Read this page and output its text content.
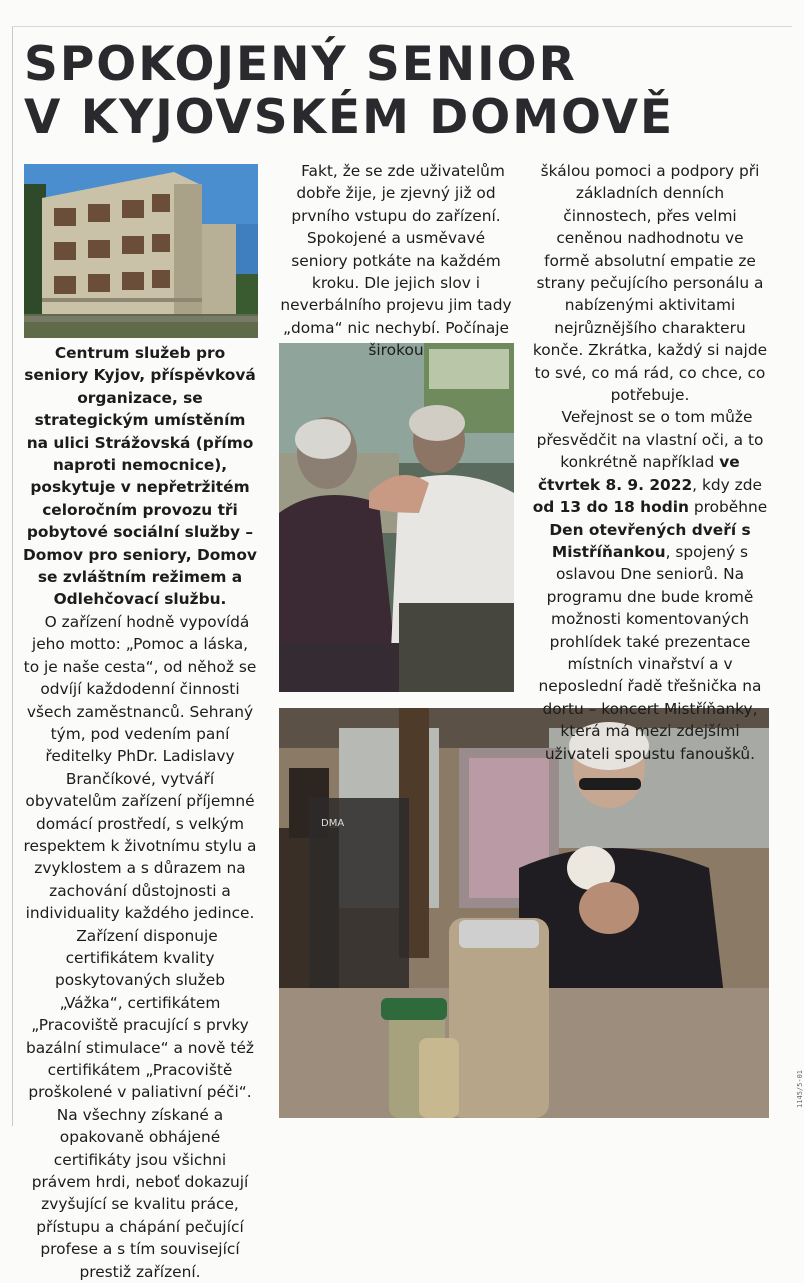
SPOKOJENÝ SENIOR
V KYJOVSKÉM DOMOVĚ
DMA

Centrum služeb pro seniory Kyjov, příspěvková organizace, se strategickým umístěním na ulici Strážovská (přímo naproti nemocnice), poskytuje v nepřetržitém celoročním provozu tři pobytové sociální služby – Domov pro seniory, Domov se zvláštním režimem a Odlehčovací službu.

O zařízení hodně vypovídá jeho motto: „Pomoc a láska, to je naše cesta“, od něhož se odvíjí každodenní činnosti všech zaměstnanců. Sehraný tým, pod vedením paní ředitelky PhDr. Ladislavy Brančíkové, vytváří obyvatelům zařízení příjemné domácí prostředí, s velkým respektem k životnímu stylu a zvyklostem a s důrazem na zachování důstojnosti a individuality každého jedince.

Zařízení disponuje certifikátem kvality poskytovaných služeb „Vážka“, certifikátem „Pracoviště pracující s prvky bazální stimulace“ a nově též certifikátem „Pracoviště proškolené v paliativní péči“. Na všechny získané a opakovaně obhájené certifikáty jsou všichni právem hrdi, neboť dokazují zvyšující se kvalitu práce, přístupu a chápání pečující profese a s tím související prestiž zařízení.

Fakt, že se zde uživatelům dobře žije, je zjevný již od prvního vstupu do zařízení. Spokojené a usměvavé seniory potkáte na každém kroku. Dle jejich slov i neverbálního projevu jim tady „doma“ nic nechybí. Počínaje širokou

škálou pomoci a podpory při základních denních činnostech, přes velmi ceněnou nadhodnotu ve formě absolutní empatie ze strany pečujícího personálu a nabízenými aktivitami nejrůznějšího charakteru konče. Zkrátka, každý si najde to své, co má rád, co chce, co potřebuje.

Veřejnost se o tom může přesvědčit na vlastní oči, a to konkrétně například ve čtvrtek 8. 9. 2022, kdy zde od 13 do 18 hodin proběhne Den otevřených dveří s Mistříňankou, spojený s oslavou Dne seniorů. Na programu dne bude kromě možnosti komentovaných prohlídek také prezentace místních vinařství a v neposlední řadě třešnička na dortu – koncert Mistříňanky, která má mezi zdejšími uživateli spoustu fanoušků.

1145/5-01
